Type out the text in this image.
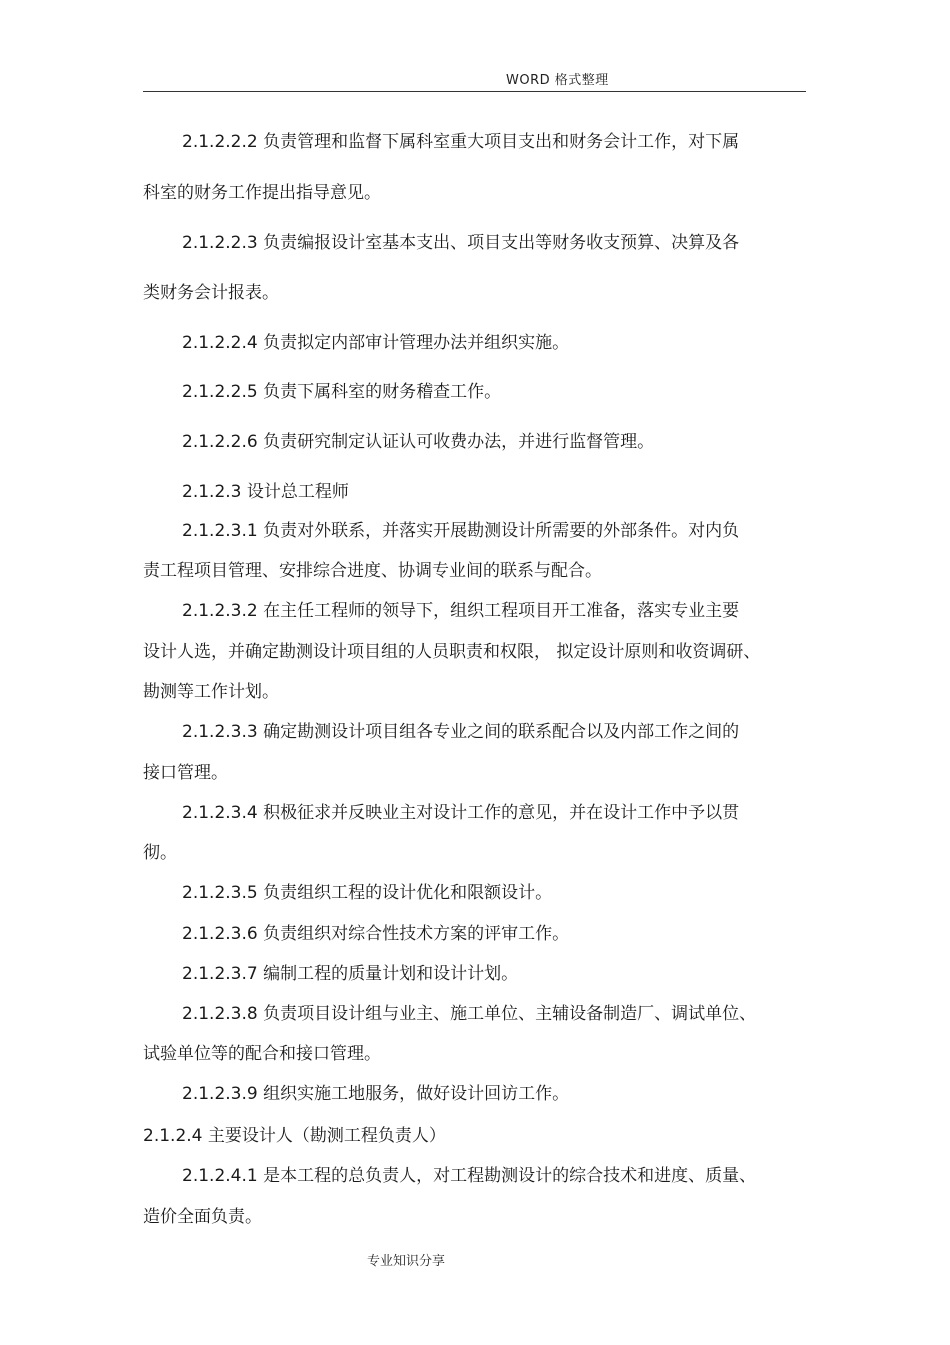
WORD 格式整理
2.1.2.2.2 负责管理和监督下属科室重大项目支出和财务会计工作，对下属
科室的财务工作提出指导意见。
2.1.2.2.3 负责编报设计室基本支出、项目支出等财务收支预算、决算及各
类财务会计报表。
2.1.2.2.4 负责拟定内部审计管理办法并组织实施。
2.1.2.2.5 负责下属科室的财务稽查工作。
2.1.2.2.6 负责研究制定认证认可收费办法，并进行监督管理。
2.1.2.3 设计总工程师
2.1.2.3.1 负责对外联系，并落实开展勘测设计所需要的外部条件。对内负
责工程项目管理、安排综合进度、协调专业间的联系与配合。
2.1.2.3.2 在主任工程师的领导下，组织工程项目开工准备，落实专业主要
设计人选，并确定勘测设计项目组的人员职责和权限， 拟定设计原则和收资调研、
勘测等工作计划。
2.1.2.3.3 确定勘测设计项目组各专业之间的联系配合以及内部工作之间的
接口管理。
2.1.2.3.4 积极征求并反映业主对设计工作的意见，并在设计工作中予以贯
彻。
2.1.2.3.5 负责组织工程的设计优化和限额设计。
2.1.2.3.6 负责组织对综合性技术方案的评审工作。
2.1.2.3.7 编制工程的质量计划和设计计划。
2.1.2.3.8 负责项目设计组与业主、施工单位、主辅设备制造厂、调试单位、
试验单位等的配合和接口管理。
2.1.2.3.9 组织实施工地服务，做好设计回访工作。
2.1.2.4 主要设计人（勘测工程负责人）
2.1.2.4.1 是本工程的总负责人，对工程勘测设计的综合技术和进度、质量、
造价全面负责。
专业知识分享
